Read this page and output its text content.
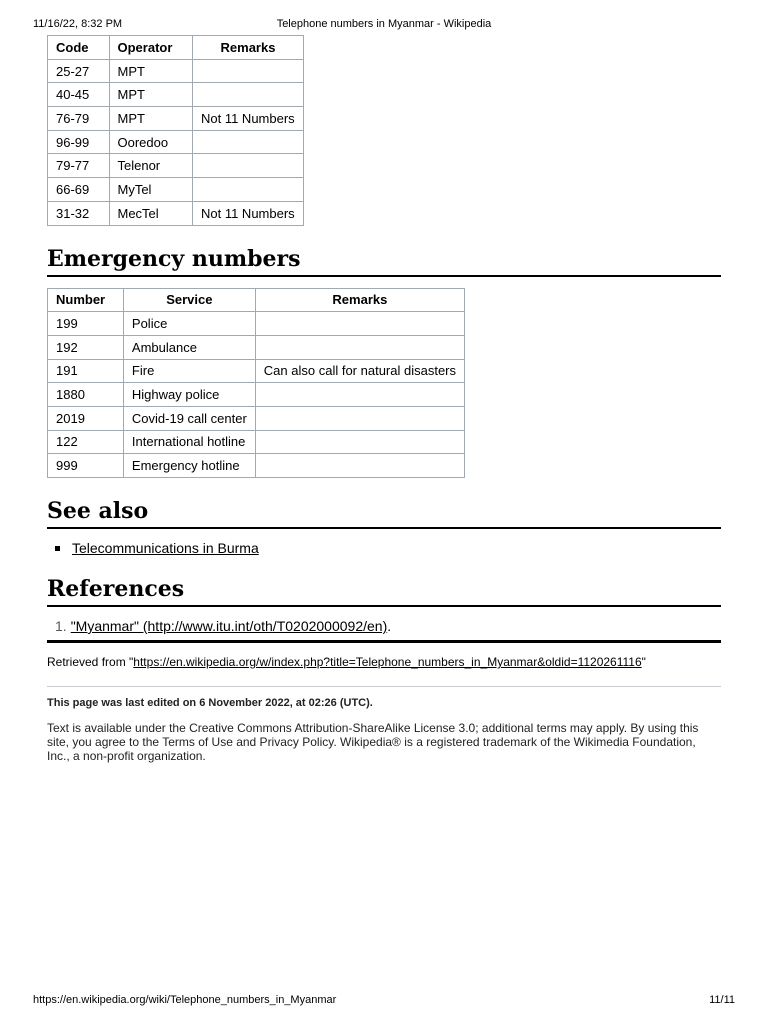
11/16/22, 8:32 PM	Telephone numbers in Myanmar - Wikipedia
Code	Operator	Remarks
25-27	MPT	
40-45	MPT	
76-79	MPT	Not 11 Numbers
96-99	Ooredoo	
79-77	Telenor	
66-69	MyTel	
31-32	MecTel	Not 11 Numbers
Emergency numbers
Number	Service	Remarks
199	Police	
192	Ambulance	
191	Fire	Can also call for natural disasters
1880	Highway police	
2019	Covid-19 call center	
122	International hotline	
999	Emergency hotline	
See also
Telecommunications in Burma
References
1. "Myanmar" (http://www.itu.int/oth/T0202000092/en).
Retrieved from "https://en.wikipedia.org/w/index.php?title=Telephone_numbers_in_Myanmar&oldid=1120261116"
This page was last edited on 6 November 2022, at 02:26 (UTC).
Text is available under the Creative Commons Attribution-ShareAlike License 3.0; additional terms may apply. By using this site, you agree to the Terms of Use and Privacy Policy. Wikipedia® is a registered trademark of the Wikimedia Foundation, Inc., a non-profit organization.
https://en.wikipedia.org/wiki/Telephone_numbers_in_Myanmar	11/11
